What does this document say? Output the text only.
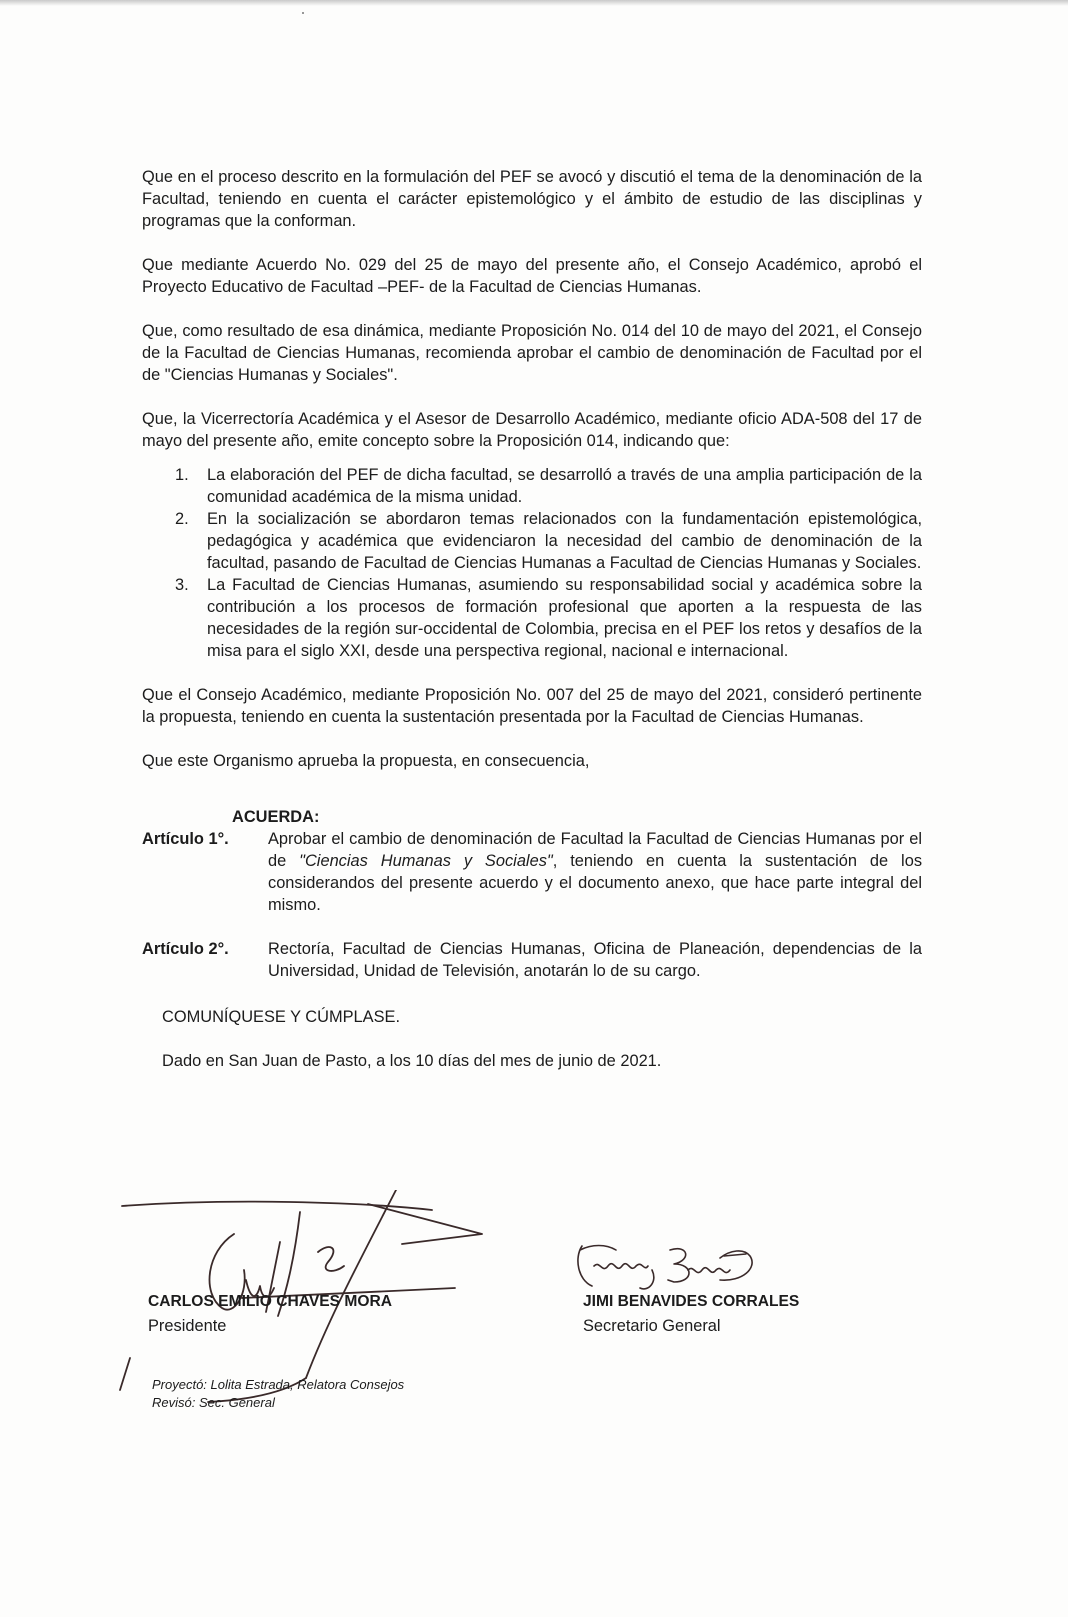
Que en el proceso descrito en la formulación del PEF se avocó y discutió el tema de la denominación de la Facultad, teniendo en cuenta el carácter epistemológico y el ámbito de estudio de las disciplinas y programas que la conforman.

Que mediante Acuerdo No. 029 del 25 de mayo del presente año, el Consejo Académico, aprobó el Proyecto Educativo de Facultad –PEF- de la Facultad de Ciencias Humanas.

Que, como resultado de esa dinámica, mediante Proposición No. 014 del 10 de mayo del 2021, el Consejo de la Facultad de Ciencias Humanas, recomienda aprobar el cambio de denominación de Facultad por el de "Ciencias Humanas y Sociales".

Que, la Vicerrectoría Académica y el Asesor de Desarrollo Académico, mediante oficio ADA-508 del 17 de mayo del presente año, emite concepto sobre la Proposición 014, indicando que:

1. La elaboración del PEF de dicha facultad, se desarrolló a través de una amplia participación de la comunidad académica de la misma unidad.
2. En la socialización se abordaron temas relacionados con la fundamentación epistemológica, pedagógica y académica que evidenciaron la necesidad del cambio de denominación de la facultad, pasando de Facultad de Ciencias Humanas a Facultad de Ciencias Humanas y Sociales.
3. La Facultad de Ciencias Humanas, asumiendo su responsabilidad social y académica sobre la contribución a los procesos de formación profesional que aporten a la respuesta de las necesidades de la región sur-occidental de Colombia, precisa en el PEF los retos y desafíos de la misa para el siglo XXI, desde una perspectiva regional, nacional e internacional.

Que el Consejo Académico, mediante Proposición No. 007 del 25 de mayo del 2021, consideró pertinente la propuesta, teniendo en cuenta la sustentación presentada por la Facultad de Ciencias Humanas.

Que este Organismo aprueba la propuesta, en consecuencia,

ACUERDA:

Artículo 1°.	Aprobar el cambio de denominación de Facultad la Facultad de Ciencias Humanas por el de "Ciencias Humanas y Sociales", teniendo en cuenta la sustentación de los considerandos del presente acuerdo y el documento anexo, que hace parte integral del mismo.
Artículo 2°.	Rectoría, Facultad de Ciencias Humanas, Oficina de Planeación, dependencias de la Universidad, Unidad de Televisión, anotarán lo de su cargo.

COMUNÍQUESE Y CÚMPLASE.

Dado en San Juan de Pasto, a los 10 días del mes de junio de 2021.

CARLOS EMILIO CHAVES MORA
Presidente
JIMI BENAVIDES CORRALES
Secretario General
Proyectó: Lolita Estrada, Relatora Consejos
Revisó: Sec. General
